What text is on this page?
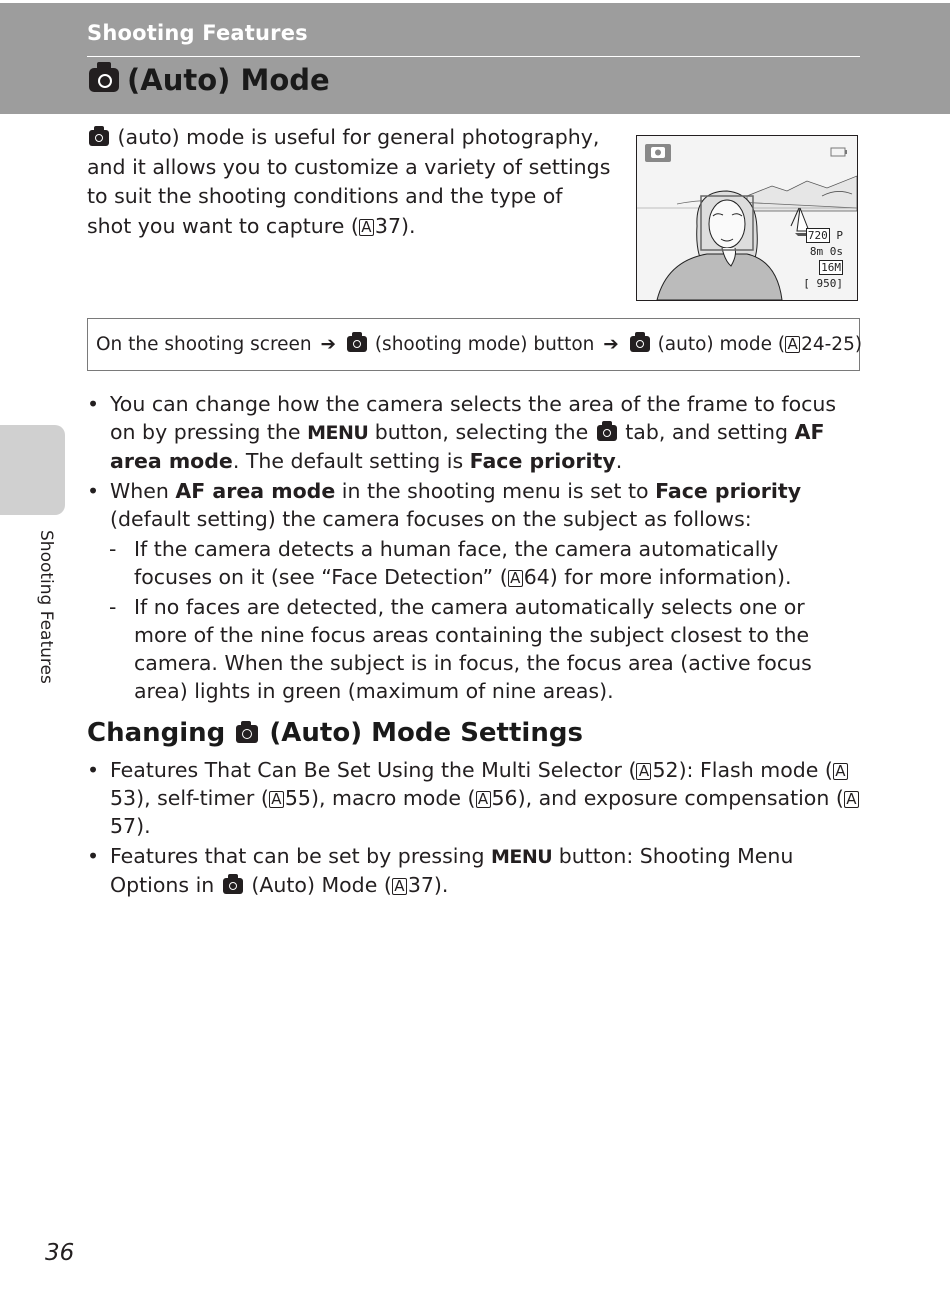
Shooting Features
(Auto) Mode
(auto) mode is useful for general photography, and it allows you to customize a variety of settings to suit the shooting conditions and the type of shot you want to capture ( A 37).	720 P
8m 0s
16M
[ 950]
On the shooting screen ➔ (shooting mode) button ➔ (auto) mode ( A 24-25)
Shooting Features
• You can change how the camera selects the area of the frame to focus on by pressing the MENU button, selecting the  tab, and setting AF area mode. The default setting is Face priority.
• When AF area mode in the shooting menu is set to Face priority (default setting) the camera focuses on the subject as follows:
- If the camera detects a human face, the camera automatically focuses on it (see “Face Detection” ( A 64) for more information).
- If no faces are detected, the camera automatically selects one or more of the nine focus areas containing the subject closest to the camera. When the subject is in focus, the focus area (active focus area) lights in green (maximum of nine areas).
Changing (Auto) Mode Settings
• Features That Can Be Set Using the Multi Selector ( A 52): Flash mode ( A53), self-timer ( A 55), macro mode ( A 56), and exposure compensation ( A57).
• Features that can be set by pressing MENU button: Shooting Menu Options in  (Auto) Mode ( A 37).
36
